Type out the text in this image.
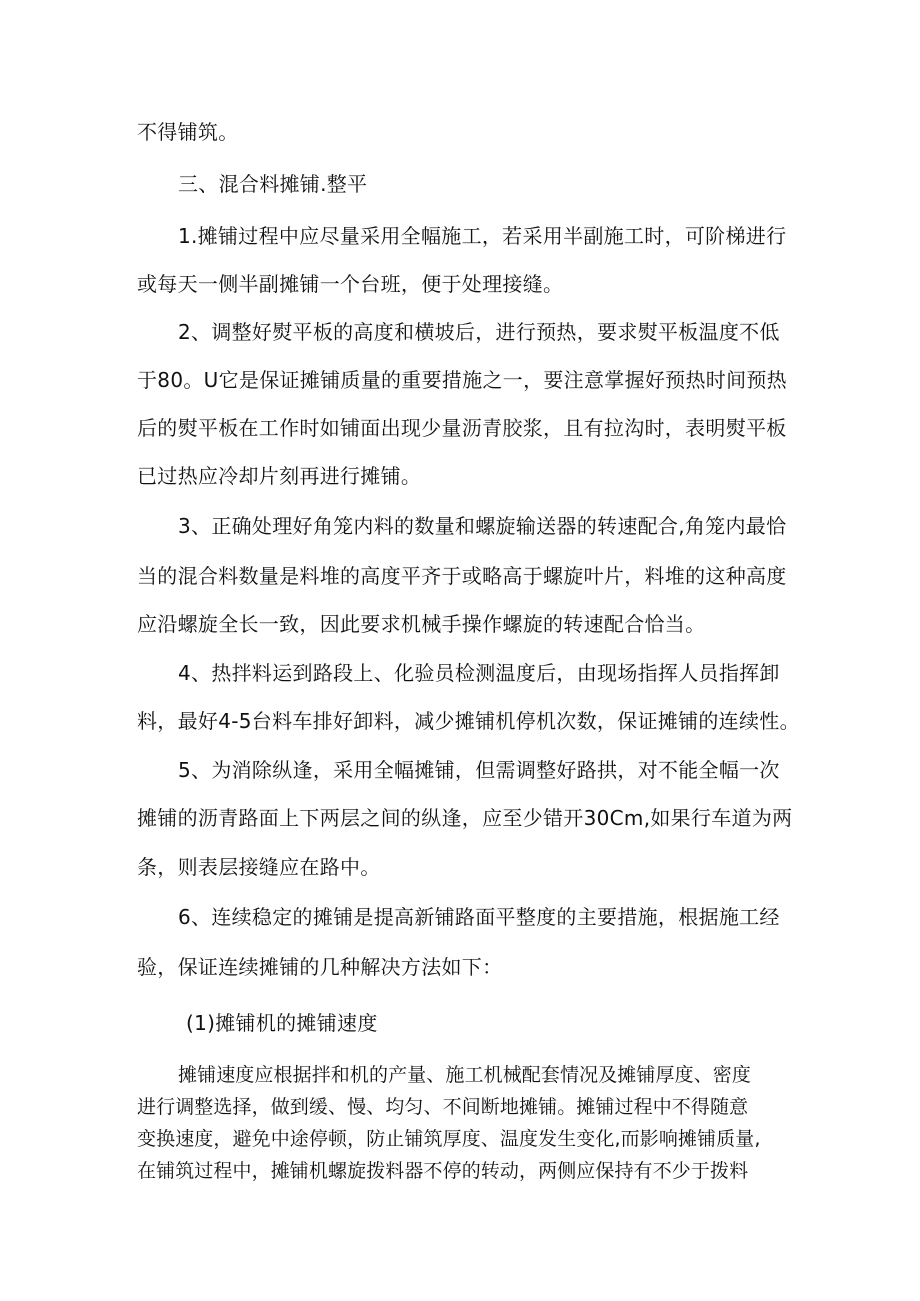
不得铺筑。
三、混合料摊铺.整平
1.摊铺过程中应尽量采用全幅施工，若采用半副施工时，可阶梯进行
或每天一侧半副摊铺一个台班，便于处理接缝。
2、调整好熨平板的高度和横坡后，进行预热，要求熨平板温度不低
于80。U它是保证摊铺质量的重要措施之一，要注意掌握好预热时间预热
后的熨平板在工作时如铺面出现少量沥青胶浆，且有拉沟时，表明熨平板
已过热应冷却片刻再进行摊铺。
3、正确处理好角笼内料的数量和螺旋输送器的转速配合,角笼内最恰
当的混合料数量是料堆的高度平齐于或略高于螺旋叶片，料堆的这种高度
应沿螺旋全长一致，因此要求机械手操作螺旋的转速配合恰当。
4、热拌料运到路段上、化验员检测温度后，由现场指挥人员指挥卸
料，最好4-5台料车排好卸料，减少摊铺机停机次数，保证摊铺的连续性。
5、为消除纵逢，采用全幅摊铺，但需调整好路拱，对不能全幅一次
摊铺的沥青路面上下两层之间的纵逢，应至少错开30Cm,如果行车道为两
条，则表层接缝应在路中。
6、连续稳定的摊铺是提高新铺路面平整度的主要措施，根据施工经
验，保证连续摊铺的几种解决方法如下：
(1)摊铺机的摊铺速度
摊铺速度应根据拌和机的产量、施工机械配套情况及摊铺厚度、密度
进行调整选择，做到缓、慢、均匀、不间断地摊铺。摊铺过程中不得随意
变换速度，避免中途停顿，防止铺筑厚度、温度发生变化,而影响摊铺质量,
在铺筑过程中，摊铺机螺旋拨料器不停的转动，两侧应保持有不少于拨料
